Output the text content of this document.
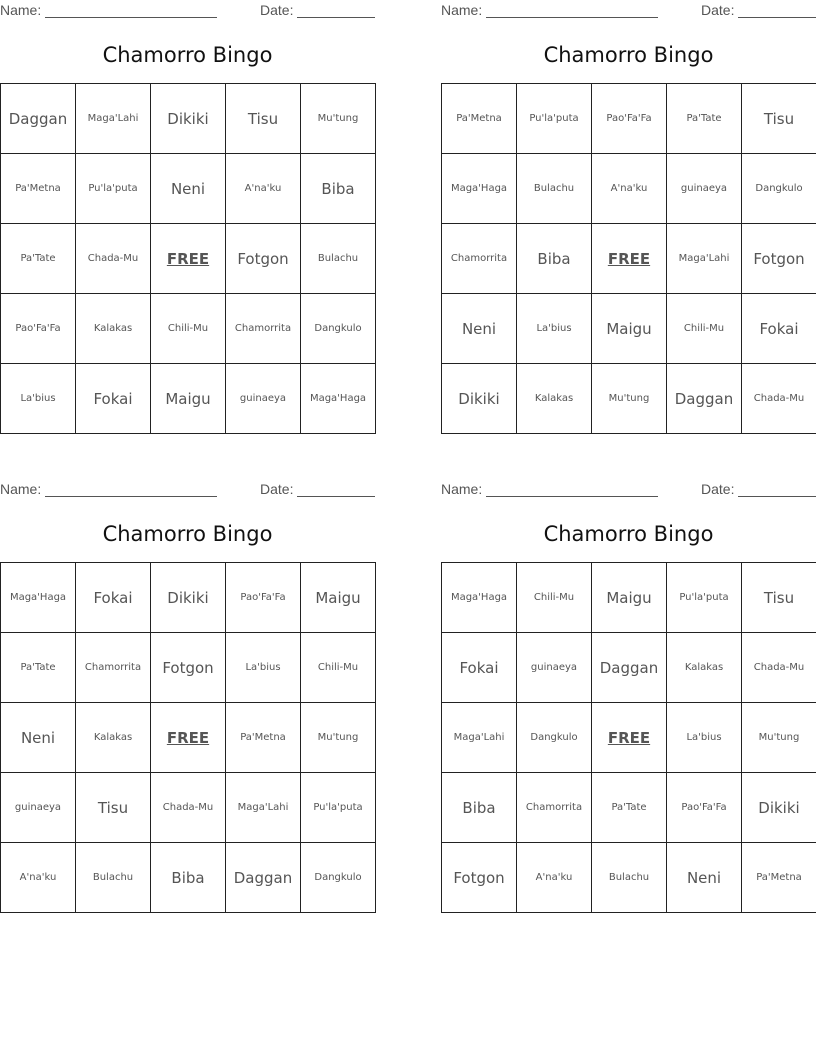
Name:	Date:
Chamorro Bingo
Daggan	Maga'Lahi	Dikiki	Tisu	Mu'tung
Pa'Metna	Pu'la'puta	Neni	A'na'ku	Biba
Pa'Tate	Chada-Mu	FREE	Fotgon	Bulachu
Pao'Fa'Fa	Kalakas	Chili-Mu	Chamorrita	Dangkulo
La'bius	Fokai	Maigu	guinaeya	Maga'Haga
Name:	Date:
Chamorro Bingo
Pa'Metna	Pu'la'puta	Pao'Fa'Fa	Pa'Tate	Tisu
Maga'Haga	Bulachu	A'na'ku	guinaeya	Dangkulo
Chamorrita	Biba	FREE	Maga'Lahi	Fotgon
Neni	La'bius	Maigu	Chili-Mu	Fokai
Dikiki	Kalakas	Mu'tung	Daggan	Chada-Mu
Name:	Date:
Chamorro Bingo
Maga'Haga	Fokai	Dikiki	Pao'Fa'Fa	Maigu
Pa'Tate	Chamorrita	Fotgon	La'bius	Chili-Mu
Neni	Kalakas	FREE	Pa'Metna	Mu'tung
guinaeya	Tisu	Chada-Mu	Maga'Lahi	Pu'la'puta
A'na'ku	Bulachu	Biba	Daggan	Dangkulo
Name:	Date:
Chamorro Bingo
Maga'Haga	Chili-Mu	Maigu	Pu'la'puta	Tisu
Fokai	guinaeya	Daggan	Kalakas	Chada-Mu
Maga'Lahi	Dangkulo	FREE	La'bius	Mu'tung
Biba	Chamorrita	Pa'Tate	Pao'Fa'Fa	Dikiki
Fotgon	A'na'ku	Bulachu	Neni	Pa'Metna
